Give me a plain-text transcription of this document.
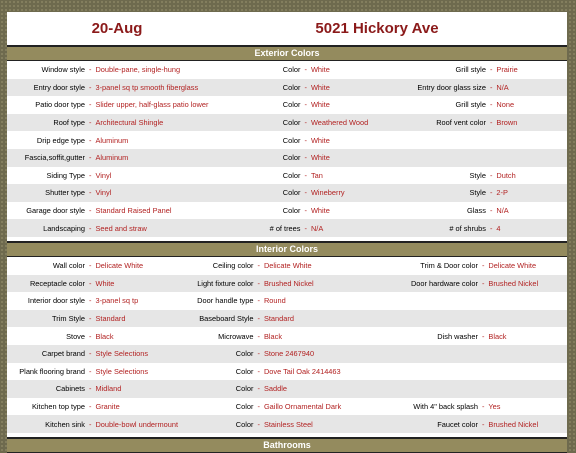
20-Aug	5021 Hickory Ave
Exterior Colors
Window style - Double-pane, single-hung	Color - White	Grill style - Prairie
Entry door style - 3-panel sq tp smooth fiberglass	Color - White	Entry door glass size - N/A
Patio door type - Slider upper, half-glass patio lower	Color - White	Grill style - None
Roof type - Architectural Shingle	Color - Weathered Wood	Roof vent color - Brown
Drip edge type - Aluminum	Color - White
Fascia,soffit,gutter - Aluminum	Color - White
Siding Type - Vinyl	Color - Tan	Style - Dutch
Shutter type - Vinyl	Color - Wineberry	Style - 2-P
Garage door style - Standard Raised Panel	Color - White	Glass - N/A
Landscaping - Seed and straw	# of trees - N/A	# of shrubs - 4
Interior Colors
Wall color - Delicate White	Ceiling color - Delicate White	Trim & Door color - Delicate White
Receptacle color - White	Light fixture color - Brushed Nickel	Door hardware color - Brushed Nickel
Interior door style - 3-panel sq tp	Door handle type - Round
Trim Style - Standard	Baseboard Style - Standard
Stove - Black	Microwave - Black	Dish washer - Black
Carpet brand - Style Selections	Color - Stone 2467940
Plank flooring brand - Style Selections	Color - Dove Tail Oak 2414463
Cabinets - Midland	Color - Saddle
Kitchen top type - Granite	Color - Gaillo Ornamental Dark	With 4" back splash - Yes
Kitchen sink - Double-bowl undermount	Color - Stainless Steel	Faucet color - Brushed Nickel
Bathrooms
